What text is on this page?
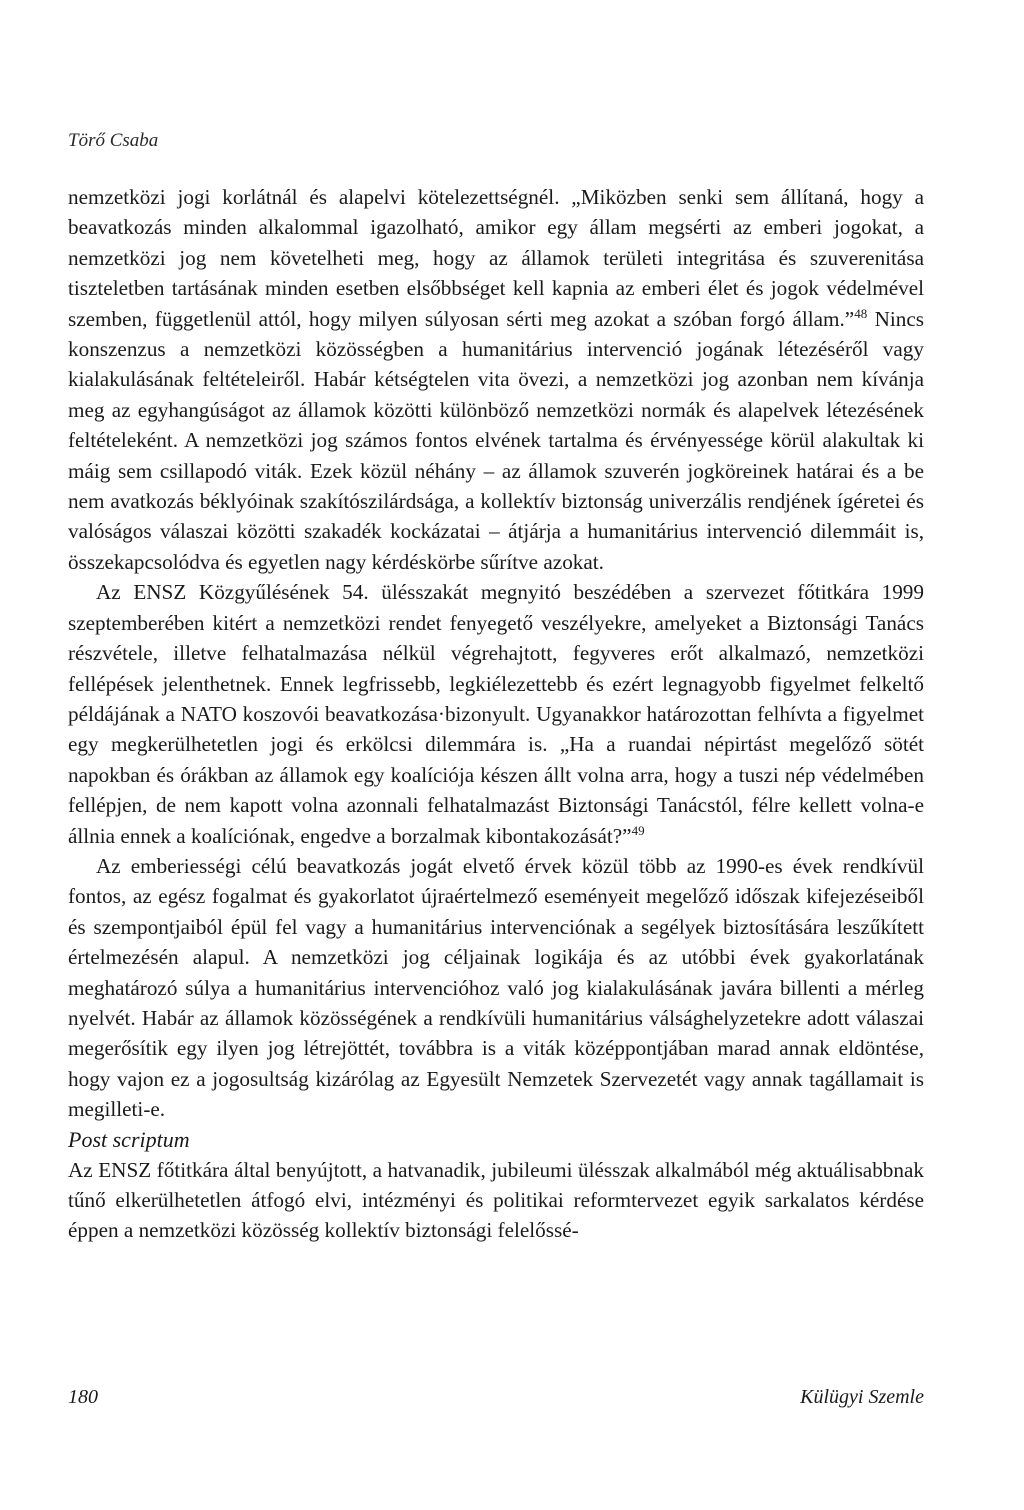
Törő Csaba

nemzetközi jogi korlátnál és alapelvi kötelezettségnél. „Miközben senki sem állítaná, hogy a beavatkozás minden alkalommal igazolható, amikor egy állam megsérti az emberi jogokat, a nemzetközi jog nem követelheti meg, hogy az államok területi integritása és szuverenitása tiszteletben tartásának minden esetben elsőbbséget kell kapnia az emberi élet és jogok védelmével szemben, függetlenül attól, hogy milyen súlyosan sérti meg azokat a szóban forgó állam.”$^{48}$ Nincs konszenzus a nemzetközi közösségben a humanitárius intervenció jogának létezéséről vagy kialakulásának feltételeiről. Habár kétségtelen vita övezi, a nemzetközi jog azonban nem kívánja meg az egyhangúságot az államok közötti különböző nemzetközi normák és alapelvek létezésének feltételeként. A nemzetközi jog számos fontos elvének tartalma és érvényessége körül alakultak ki máig sem csillapodó viták. Ezek közül néhány – az államok szuverén jogköreinek határai és a be nem avatkozás béklyóinak szakítószilárdsága, a kollektív biztonság univerzális rendjének ígéretei és valóságos válaszai közötti szakadék kockázatai – átjárja a humanitárius intervenció dilemmáit is, összekapcsolódva és egyetlen nagy kérdéskörbe sűrítve azokat.

Az ENSZ Közgyűlésének 54. ülésszakát megnyitó beszédében a szervezet főtitkára 1999 szeptemberében kitért a nemzetközi rendet fenyegető veszélyekre, amelyeket a Biztonsági Tanács részvétele, illetve felhatalmazása nélkül végrehajtott, fegyveres erőt alkalmazó, nemzetközi fellépések jelenthetnek. Ennek legfrissebb, legkiélezettebb és ezért legnagyobb figyelmet felkeltő példájának a NATO koszovói beavatkozása·bizonyult. Ugyanakkor határozottan felhívta a figyelmet egy megkerülhetetlen jogi és erkölcsi dilemmára is. „Ha a ruandai népirtást megelőző sötét napokban és órákban az államok egy koalíciója készen állt volna arra, hogy a tuszi nép védelmében fellépjen, de nem kapott volna azonnali felhatalmazást Biztonsági Tanácstól, félre kellett volna-e állnia ennek a koalíciónak, engedve a borzalmak kibontakozását?”$^{49}$

Az emberiességi célú beavatkozás jogát elvető érvek közül több az 1990-es évek rendkívül fontos, az egész fogalmat és gyakorlatot újraértelmező eseményeit megelőző időszak kifejezéseiből és szempontjaiból épül fel vagy a humanitárius intervenciónak a segélyek biztosítására leszűkített értelmezésén alapul. A nemzetközi jog céljainak logikája és az utóbbi évek gyakorlatának meghatározó súlya a humanitárius intervencióhoz való jog kialakulásának javára billenti a mérleg nyelvét. Habár az államok közösségének a rendkívüli humanitárius válsághelyzetekre adott válaszai megerősítik egy ilyen jog létrejöttét, továbbra is a viták középpontjában marad annak eldöntése, hogy vajon ez a jogosultság kizárólag az Egyesült Nemzetek Szervezetét vagy annak tagállamait is megilleti-e.

Post scriptum

Az ENSZ főtitkára által benyújtott, a hatvanadik, jubileumi ülésszak alkalmából még aktuálisabbnak tűnő elkerülhetetlen átfogó elvi, intézményi és politikai reformtervezet egyik sarkalatos kérdése éppen a nemzetközi közösség kollektív biztonsági felelőssé-

180	Külügyi Szemle
